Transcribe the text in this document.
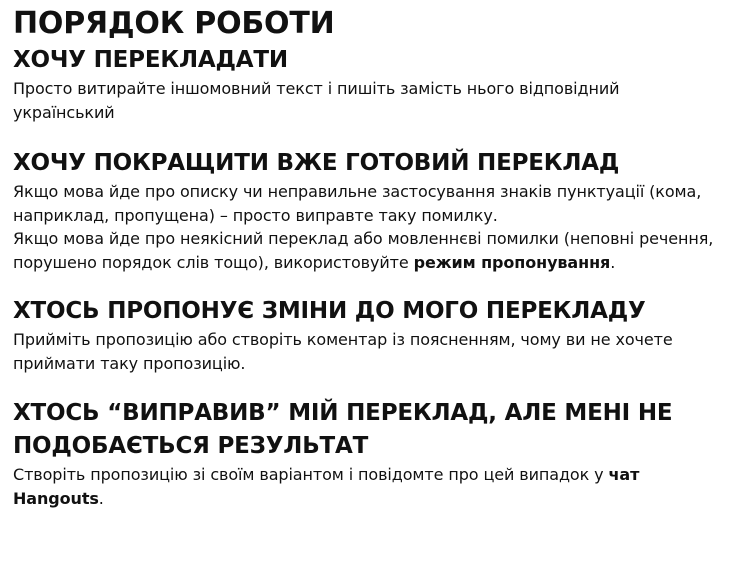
ПОРЯДОК РОБОТИ
ХОЧУ ПЕРЕКЛАДАТИ

Просто витирайте іншомовний текст і пишіть замість нього відповідний український

ХОЧУ ПОКРАЩИТИ ВЖЕ ГОТОВИЙ ПЕРЕКЛАД

Якщо мова йде про описку чи неправильне застосування знаків пунктуації (кома, наприклад, пропущена) – просто виправте таку помилку.
Якщо мова йде про неякісний переклад або мовленнєві помилки (неповні речення, порушено порядок слів тощо), використовуйте режим пропонування.

ХТОСЬ ПРОПОНУЄ ЗМІНИ ДО МОГО ПЕРЕКЛАДУ

Прийміть пропозицію або створіть коментар із поясненням, чому ви не хочете приймати таку пропозицію.

ХТОСЬ “ВИПРАВИВ” МІЙ ПЕРЕКЛАД, АЛЕ МЕНІ НЕ ПОДОБАЄТЬСЯ РЕЗУЛЬТАТ

Створіть пропозицію зі своїм варіантом і повідомте про цей випадок у чат Hangouts.
